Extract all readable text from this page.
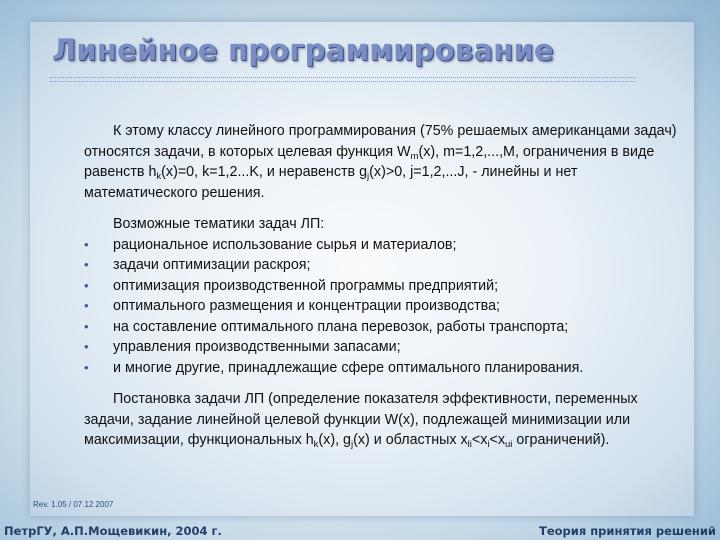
Линейное программирование

К этому классу линейного программирования (75% решаемых американцами задач) относятся задачи, в которых целевая функция $W_m(x)$, m=1,2,...,M, ограничения в виде равенств $h_k(x)=0$, k=1,2...K, и неравенств $g_j(x)>0$, j=1,2,...J, - линейны и нет математического решения.

Возможные тематики задач ЛП:

• рациональное использование сырья и материалов;
• задачи оптимизации раскроя;
• оптимизация производственной программы предприятий;
• оптимального размещения и концентрации производства;
• на составление оптимального плана перевозок, работы транспорта;
• управления производственными запасами;
• и многие другие, принадлежащие сфере оптимального планирования.

Постановка задачи ЛП (определение показателя эффективности, переменных задачи, задание линейной целевой функции W(x), подлежащей минимизации или максимизации, функциональных $h_k(x)$, $g_j(x)$ и областных $x_{li}<x_i<x_{ui}$ ограничений).

Rev. 1.05 / 07.12.2007
ПетрГУ, А.П.Мощевикин, 2004 г.	Теория принятия решений
